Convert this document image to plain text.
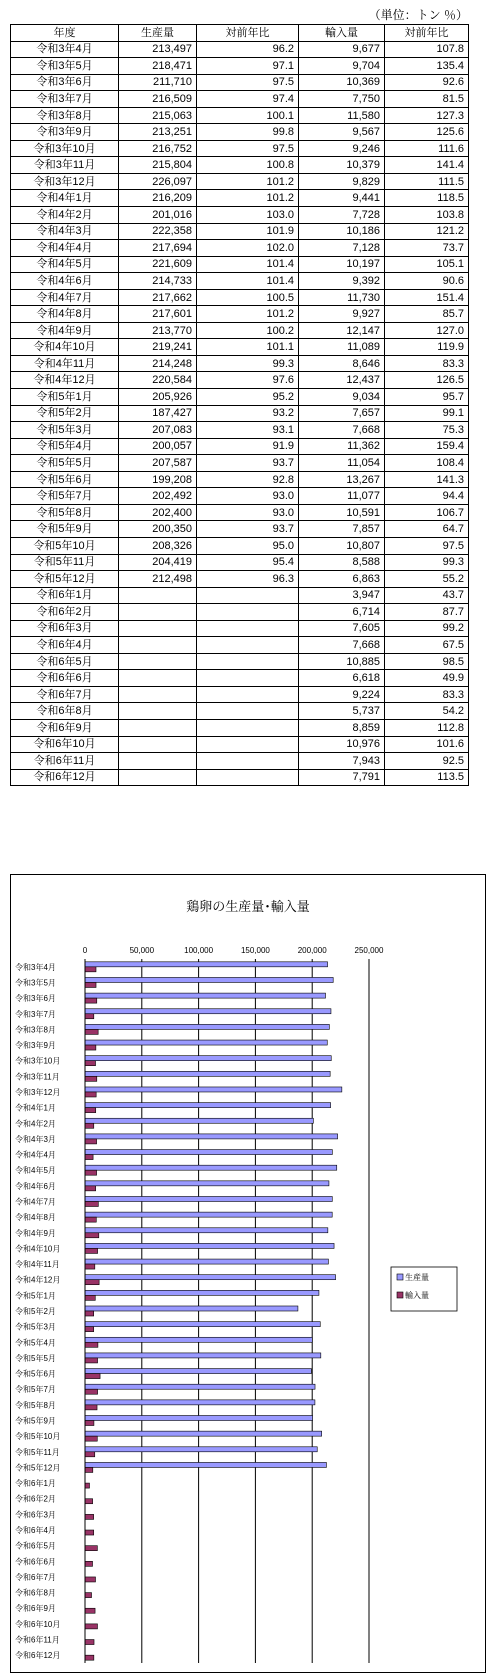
（単位：トン ％）
年度	生産量	対前年比	輸入量	対前年比
令和3年4月	213,497	96.2	9,677	107.8
令和3年5月	218,471	97.1	9,704	135.4
令和3年6月	211,710	97.5	10,369	92.6
令和3年7月	216,509	97.4	7,750	81.5
令和3年8月	215,063	100.1	11,580	127.3
令和3年9月	213,251	99.8	9,567	125.6
令和3年10月	216,752	97.5	9,246	111.6
令和3年11月	215,804	100.8	10,379	141.4
令和3年12月	226,097	101.2	9,829	111.5
令和4年1月	216,209	101.2	9,441	118.5
令和4年2月	201,016	103.0	7,728	103.8
令和4年3月	222,358	101.9	10,186	121.2
令和4年4月	217,694	102.0	7,128	73.7
令和4年5月	221,609	101.4	10,197	105.1
令和4年6月	214,733	101.4	9,392	90.6
令和4年7月	217,662	100.5	11,730	151.4
令和4年8月	217,601	101.2	9,927	85.7
令和4年9月	213,770	100.2	12,147	127.0
令和4年10月	219,241	101.1	11,089	119.9
令和4年11月	214,248	99.3	8,646	83.3
令和4年12月	220,584	97.6	12,437	126.5
令和5年1月	205,926	95.2	9,034	95.7
令和5年2月	187,427	93.2	7,657	99.1
令和5年3月	207,083	93.1	7,668	75.3
令和5年4月	200,057	91.9	11,362	159.4
令和5年5月	207,587	93.7	11,054	108.4
令和5年6月	199,208	92.8	13,267	141.3
令和5年7月	202,492	93.0	11,077	94.4
令和5年8月	202,400	93.0	10,591	106.7
令和5年9月	200,350	93.7	7,857	64.7
令和5年10月	208,326	95.0	10,807	97.5
令和5年11月	204,419	95.4	8,588	99.3
令和5年12月	212,498	96.3	6,863	55.2
令和6年1月			3,947	43.7
令和6年2月			6,714	87.7
令和6年3月			7,605	99.2
令和6年4月			7,668	67.5
令和6年5月			10,885	98.5
令和6年6月			6,618	49.9
令和6年7月			9,224	83.3
令和6年8月			5,737	54.2
令和6年9月			8,859	112.8
令和6年10月			10,976	101.6
令和6年11月			7,943	92.5
令和6年12月			7,791	113.5
鶏卵の生産量･輸入量
0	50,000	100,000	150,000	200,000	250,000
令和3年4月
令和3年5月
令和3年6月
令和3年7月
令和3年8月
令和3年9月
令和3年10月
令和3年11月
令和3年12月
令和4年1月
令和4年2月
令和4年3月
令和4年4月
令和4年5月
令和4年6月
令和4年7月
令和4年8月
令和4年9月
令和4年10月
令和4年11月
令和4年12月
令和5年1月
令和5年2月
令和5年3月
令和5年4月
令和5年5月
令和5年6月
令和5年7月
令和5年8月
令和5年9月
令和5年10月
令和5年11月
令和5年12月
令和6年1月
令和6年2月
令和6年3月
令和6年4月
令和6年5月
令和6年6月
令和6年7月
令和6年8月
令和6年9月
令和6年10月
令和6年11月
令和6年12月
生産量
輸入量
